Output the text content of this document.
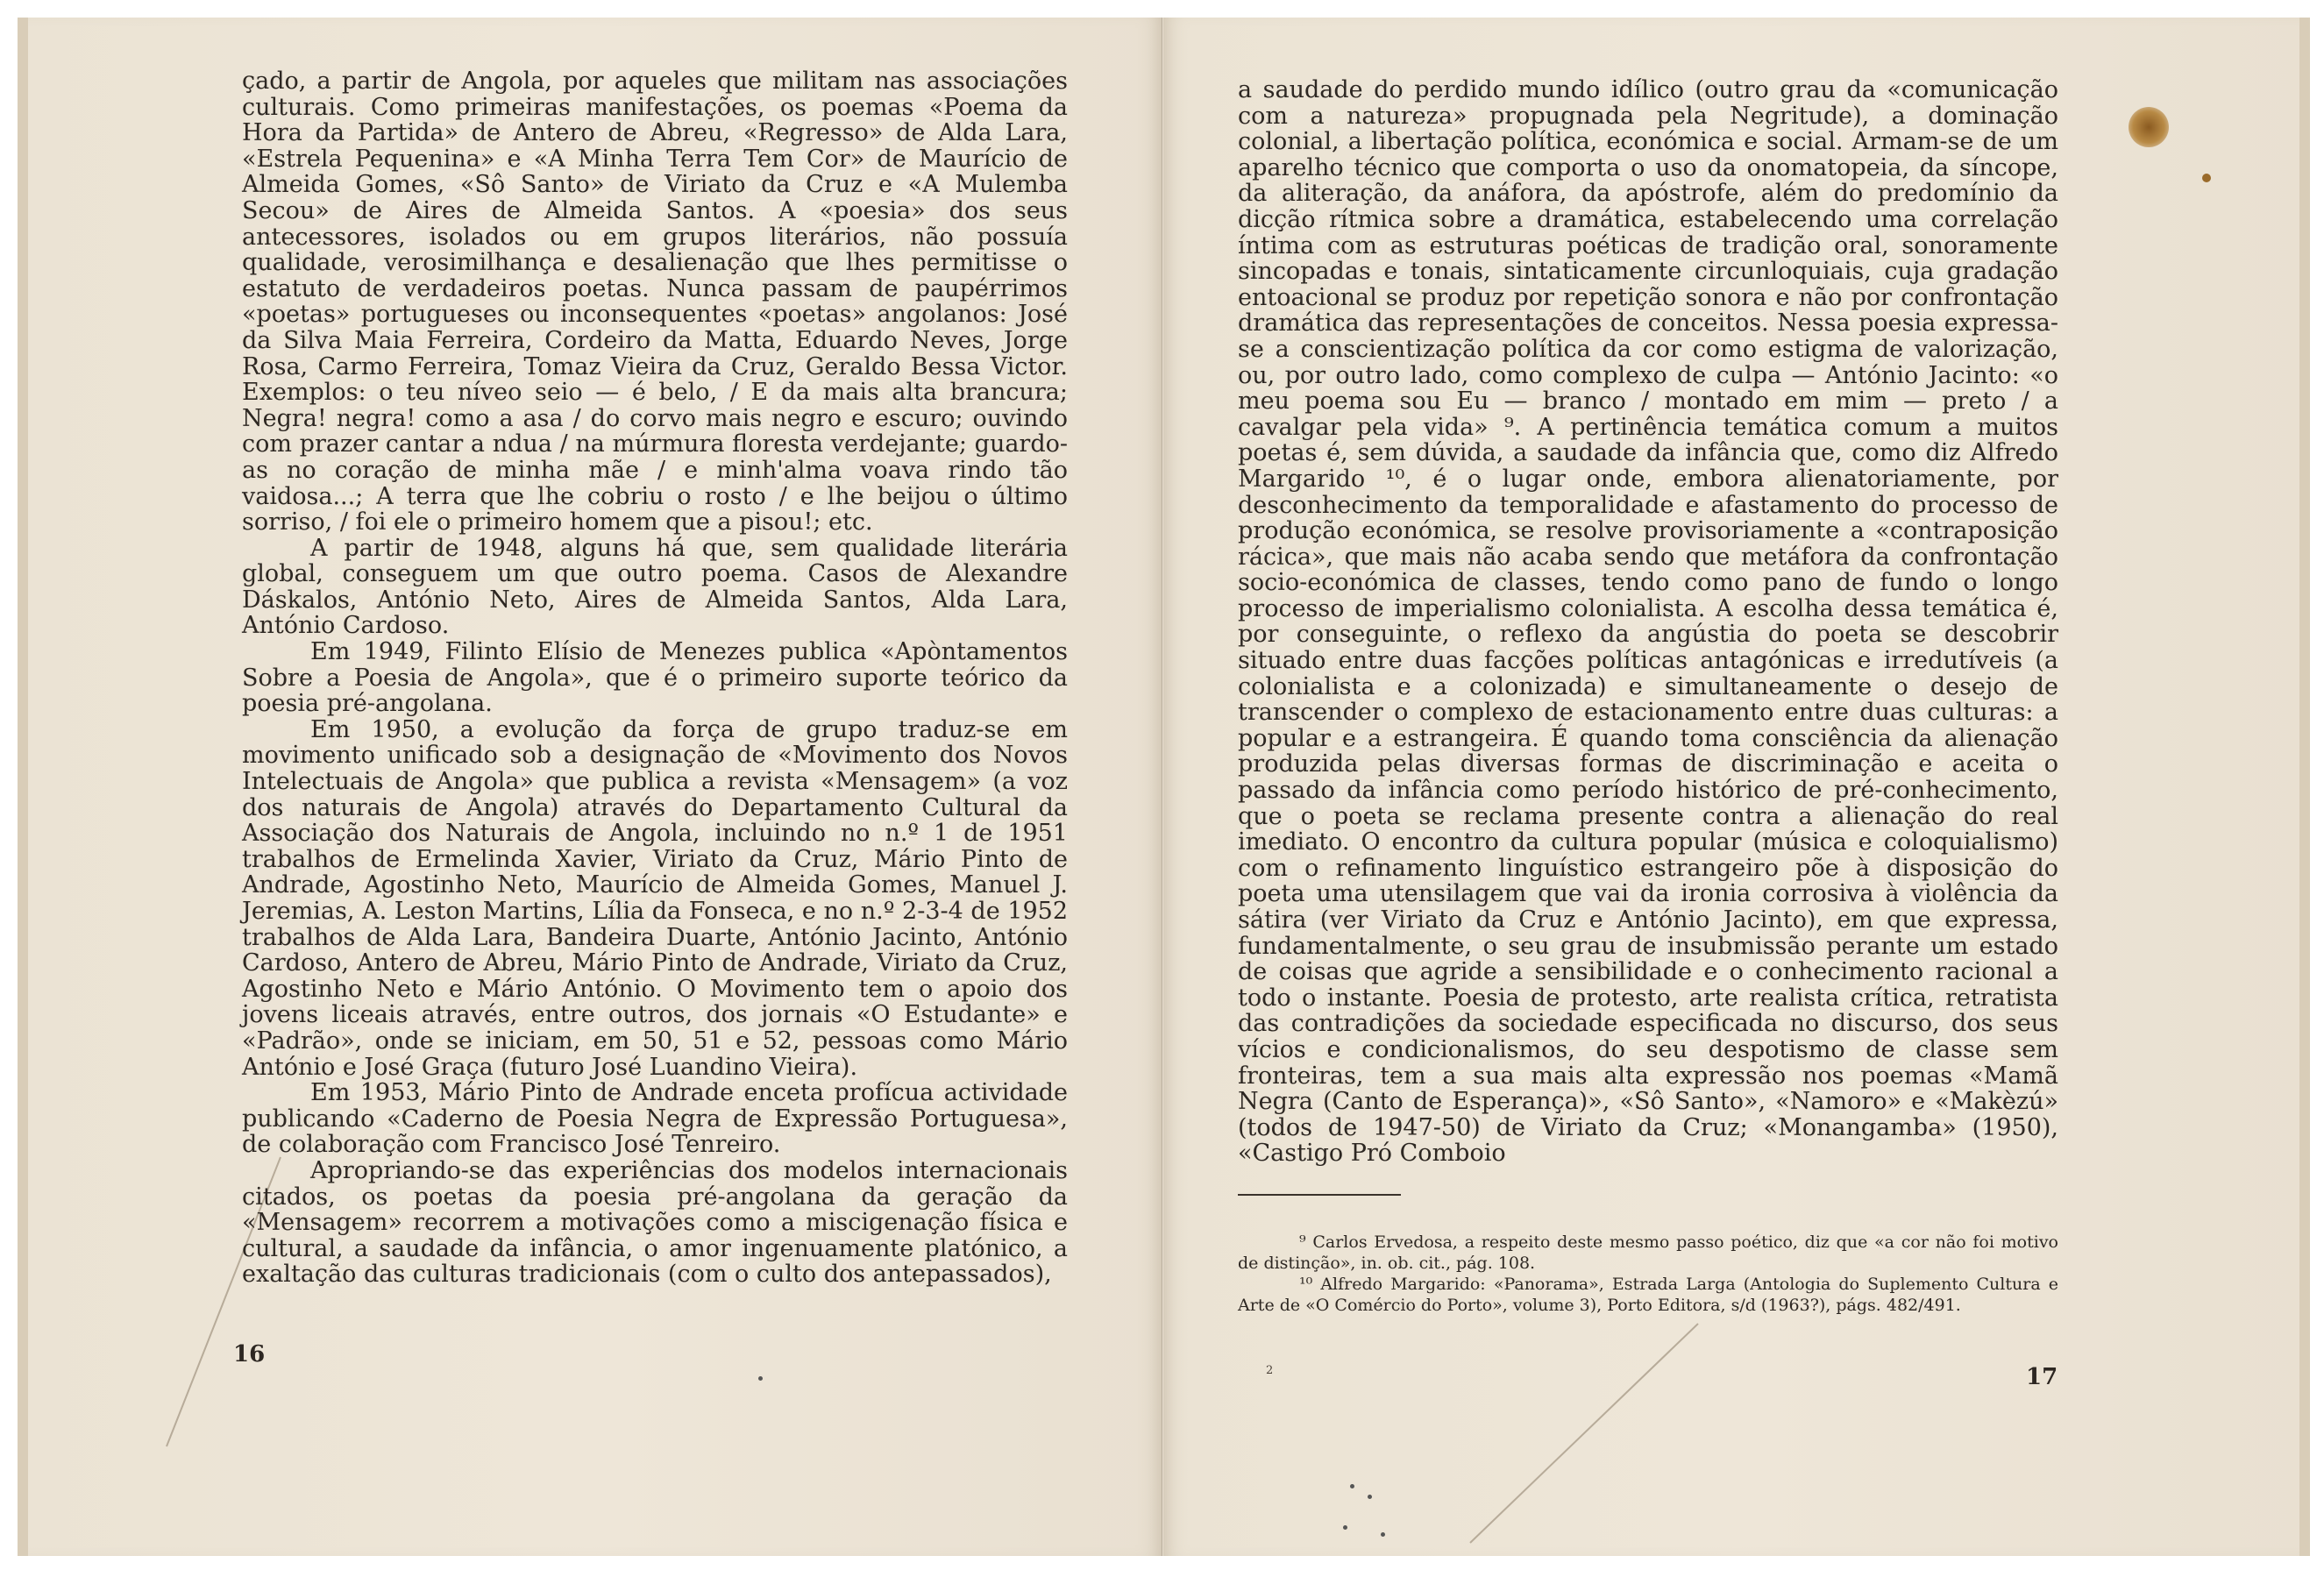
çado, a partir de Angola, por aqueles que militam nas associações culturais. Como primeiras manifestações, os poemas «Poema da Hora da Partida» de Antero de Abreu, «Regresso» de Alda Lara, «Estrela Pequenina» e «A Minha Terra Tem Cor» de Maurício de Almeida Gomes, «Sô Santo» de Viriato da Cruz e «A Mulemba Secou» de Aires de Almeida Santos. A «poesia» dos seus antecessores, isolados ou em grupos literários, não possuía qualidade, verosimilhança e desalienação que lhes permitisse o estatuto de verdadeiros poetas. Nunca passam de paupérrimos «poetas» portugueses ou inconsequentes «poetas» angolanos: José da Silva Maia Ferreira, Cordeiro da Matta, Eduardo Neves, Jorge Rosa, Carmo Ferreira, Tomaz Vieira da Cruz, Geraldo Bessa Victor. Exemplos: o teu níveo seio — é belo, / E da mais alta brancura; Negra! negra! como a asa / do corvo mais negro e escuro; ouvindo com prazer cantar a ndua / na múrmura floresta verdejante; guardo-as no coração de minha mãe / e minh'alma voava rindo tão vaidosa...; A terra que lhe cobriu o rosto / e lhe beijou o último sorriso, / foi ele o primeiro homem que a pisou!; etc.

A partir de 1948, alguns há que, sem qualidade literária global, conseguem um que outro poema. Casos de Alexandre Dáskalos, António Neto, Aires de Almeida Santos, Alda Lara, António Cardoso.

Em 1949, Filinto Elísio de Menezes publica «Apòntamentos Sobre a Poesia de Angola», que é o primeiro suporte teórico da poesia pré-angolana.

Em 1950, a evolução da força de grupo traduz-se em movimento unificado sob a designação de «Movimento dos Novos Intelectuais de Angola» que publica a revista «Mensagem» (a voz dos naturais de Angola) através do Departamento Cultural da Associação dos Naturais de Angola, incluindo no n.º 1 de 1951 trabalhos de Ermelinda Xavier, Viriato da Cruz, Mário Pinto de Andrade, Agostinho Neto, Maurício de Almeida Gomes, Manuel J. Jeremias, A. Leston Martins, Lília da Fonseca, e no n.º 2-3-4 de 1952 trabalhos de Alda Lara, Bandeira Duarte, António Jacinto, António Cardoso, Antero de Abreu, Mário Pinto de Andrade, Viriato da Cruz, Agostinho Neto e Mário António. O Movimento tem o apoio dos jovens liceais através, entre outros, dos jornais «O Estudante» e «Padrão», onde se iniciam, em 50, 51 e 52, pessoas como Mário António e José Graça (futuro José Luandino Vieira).

Em 1953, Mário Pinto de Andrade enceta profícua actividade publicando «Caderno de Poesia Negra de Expressão Portuguesa», de colaboração com Francisco José Tenreiro.

Apropriando-se das experiências dos modelos internacionais citados, os poetas da poesia pré-angolana da geração da «Mensagem» recorrem a motivações como a miscigenação física e cultural, a saudade da infância, o amor ingenuamente platónico, a exaltação das culturas tradicionais (com o culto dos antepassados),

16

a saudade do perdido mundo idílico (outro grau da «comunicação com a natureza» propugnada pela Negritude), a dominação colonial, a libertação política, económica e social. Armam-se de um aparelho técnico que comporta o uso da onomatopeia, da síncope, da aliteração, da anáfora, da apóstrofe, além do predomínio da dicção rítmica sobre a dramática, estabelecendo uma correlação íntima com as estruturas poéticas de tradição oral, sonoramente sincopadas e tonais, sintaticamente circunloquiais, cuja gradação entoacional se produz por repetição sonora e não por confrontação dramática das representações de conceitos. Nessa poesia expressa-se a conscientização política da cor como estigma de valorização, ou, por outro lado, como complexo de culpa — António Jacinto: «o meu poema sou Eu — branco / montado em mim — preto / a cavalgar pela vida» ⁹. A pertinência temática comum a muitos poetas é, sem dúvida, a saudade da infância que, como diz Alfredo Margarido ¹⁰, é o lugar onde, embora alienatoriamente, por desconhecimento da temporalidade e afastamento do processo de produção económica, se resolve provisoriamente a «contraposição rácica», que mais não acaba sendo que metáfora da confrontação socio-económica de classes, tendo como pano de fundo o longo processo de imperialismo colonialista. A escolha dessa temática é, por conseguinte, o reflexo da angústia do poeta se descobrir situado entre duas facções políticas antagónicas e irredutíveis (a colonialista e a colonizada) e simultaneamente o desejo de transcender o complexo de estacionamento entre duas culturas: a popular e a estrangeira. É quando toma consciência da alienação produzida pelas diversas formas de discriminação e aceita o passado da infância como período histórico de pré-conhecimento, que o poeta se reclama presente contra a alienação do real imediato. O encontro da cultura popular (música e coloquialismo) com o refinamento linguístico estrangeiro põe à disposição do poeta uma utensilagem que vai da ironia corrosiva à violência da sátira (ver Viriato da Cruz e António Jacinto), em que expressa, fundamentalmente, o seu grau de insubmissão perante um estado de coisas que agride a sensibilidade e o conhecimento racional a todo o instante. Poesia de protesto, arte realista crítica, retratista das contradições da sociedade especificada no discurso, dos seus vícios e condicionalismos, do seu despotismo de classe sem fronteiras, tem a sua mais alta expressão nos poemas «Mamã Negra (Canto de Esperança)», «Sô Santo», «Namoro» e «Makèzú» (todos de 1947-50) de Viriato da Cruz; «Monangamba» (1950), «Castigo Pró Comboio

⁹ Carlos Ervedosa, a respeito deste mesmo passo poético, diz que «a cor não foi motivo de distinção», in. ob. cit., pág. 108.

¹⁰ Alfredo Margarido: «Panorama», Estrada Larga (Antologia do Suplemento Cultura e Arte de «O Comércio do Porto», volume 3), Porto Editora, s/d (1963?), págs. 482/491.

2	17
